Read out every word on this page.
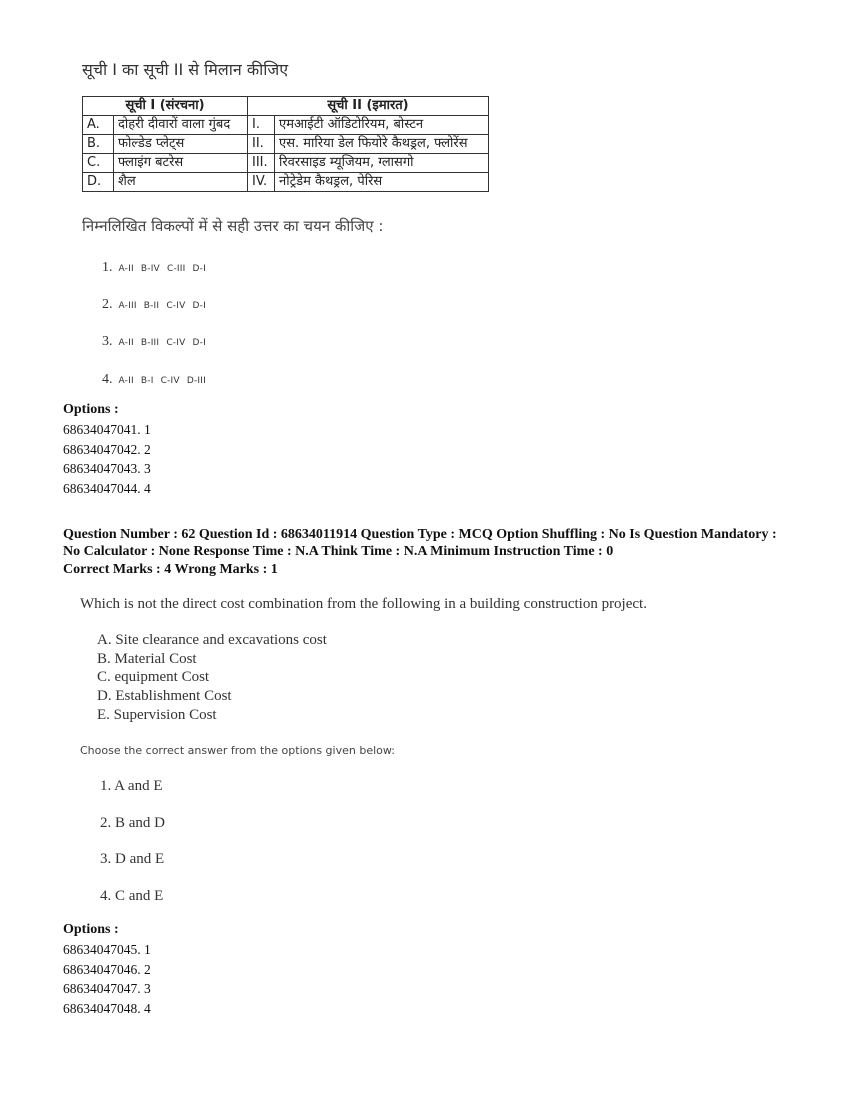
सूची I का सूची II से मिलान कीजिए
सूची I (संरचना)		सूची II (इमारत)	
A.	दोहरी दीवारों वाला गुंबद	I.	एमआईटी ऑडिटोरियम, बोस्टन
B.	फोल्डेड प्लेट्स	II.	एस. मारिया डेल फियोरे कैथड्रल, फ्लोरेंस
C.	फ्लाइंग बटरेस	III.	रिवरसाइड म्यूजियम, ग्लासगो
D.	शैल	IV.	नोट्रेडेम कैथड्रल, पेरिस
निम्नलिखित विकल्पों में से सही उत्तर का चयन कीजिए :
1. A-II B-IV C-III D-I
2. A-III B-II C-IV D-I
3. A-II B-III C-IV D-I
4. A-II B-I C-IV D-III
Options :
68634047041. 1
68634047042. 2
68634047043. 3
68634047044. 4
Question Number : 62 Question Id : 68634011914 Question Type : MCQ Option Shuffling : No Is Question Mandatory :
No Calculator : None Response Time : N.A Think Time : N.A Minimum Instruction Time : 0
Correct Marks : 4 Wrong Marks : 1
Which is not the direct cost combination from the following in a building construction project.
A. Site clearance and excavations cost
B. Material Cost
C. equipment Cost
D. Establishment Cost
E. Supervision Cost
Choose the correct answer from the options given below:
1. A and E
2. B and D
3. D and E
4. C and E
Options :
68634047045. 1
68634047046. 2
68634047047. 3
68634047048. 4
